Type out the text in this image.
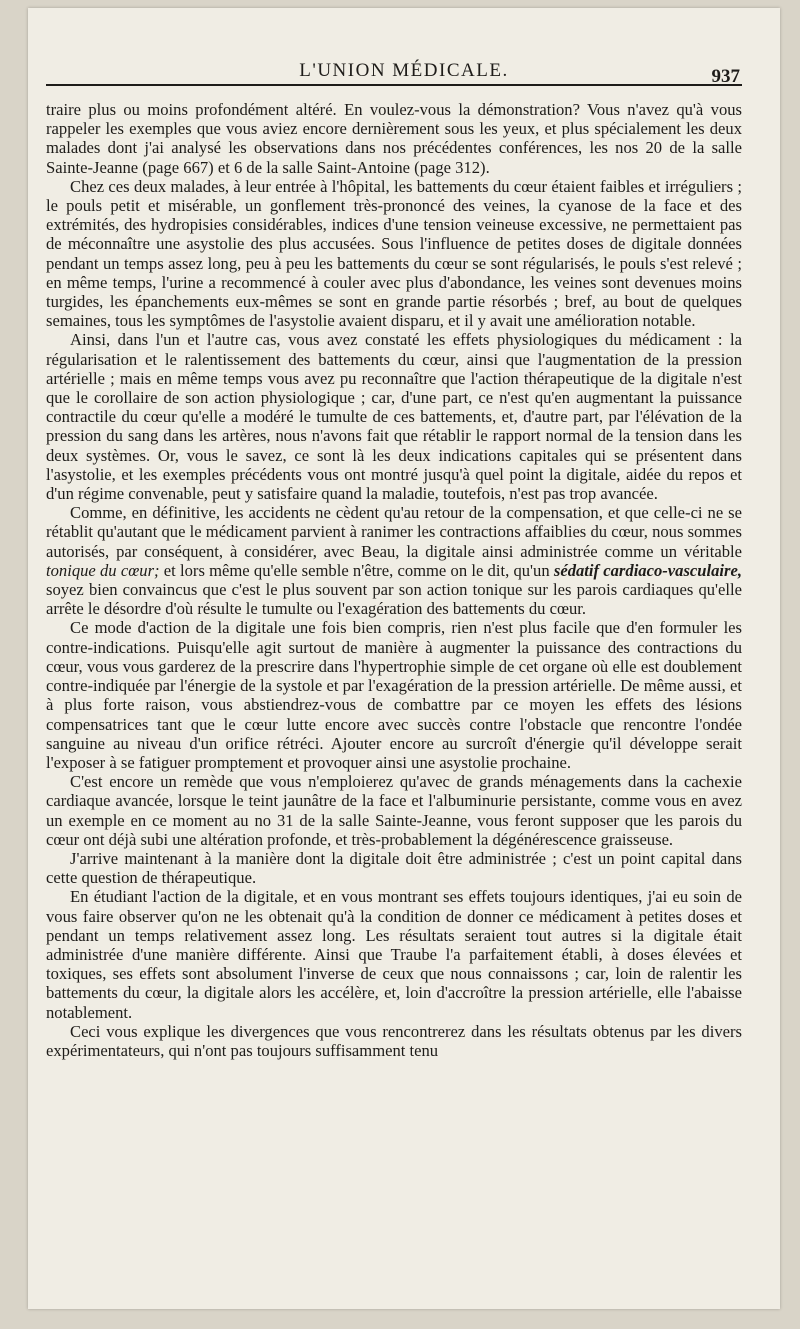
L'UNION MÉDICALE.	937

traire plus ou moins profondément altéré. En voulez-vous la démonstration? Vous n'avez qu'à vous rappeler les exemples que vous aviez encore dernièrement sous les yeux, et plus spécialement les deux malades dont j'ai analysé les observations dans nos précédentes conférences, les nos 20 de la salle Sainte-Jeanne (page 667) et 6 de la salle Saint-Antoine (page 312).

Chez ces deux malades, à leur entrée à l'hôpital, les battements du cœur étaient faibles et irréguliers ; le pouls petit et misérable, un gonflement très-prononcé des veines, la cyanose de la face et des extrémités, des hydropisies considérables, indices d'une tension veineuse excessive, ne permettaient pas de méconnaître une asystolie des plus accusées. Sous l'influence de petites doses de digitale données pendant un temps assez long, peu à peu les battements du cœur se sont régularisés, le pouls s'est relevé ; en même temps, l'urine a recommencé à couler avec plus d'abondance, les veines sont devenues moins turgides, les épanchements eux-mêmes se sont en grande partie résorbés ; bref, au bout de quelques semaines, tous les symptômes de l'asystolie avaient disparu, et il y avait une amélioration notable.

Ainsi, dans l'un et l'autre cas, vous avez constaté les effets physiologiques du médicament : la régularisation et le ralentissement des battements du cœur, ainsi que l'augmentation de la pression artérielle ; mais en même temps vous avez pu reconnaître que l'action thérapeutique de la digitale n'est que le corollaire de son action physiologique ; car, d'une part, ce n'est qu'en augmentant la puissance contractile du cœur qu'elle a modéré le tumulte de ces battements, et, d'autre part, par l'élévation de la pression du sang dans les artères, nous n'avons fait que rétablir le rapport normal de la tension dans les deux systèmes. Or, vous le savez, ce sont là les deux indications capitales qui se présentent dans l'asystolie, et les exemples précédents vous ont montré jusqu'à quel point la digitale, aidée du repos et d'un régime convenable, peut y satisfaire quand la maladie, toutefois, n'est pas trop avancée.

Comme, en définitive, les accidents ne cèdent qu'au retour de la compensation, et que celle-ci ne se rétablit qu'autant que le médicament parvient à ranimer les contractions affaiblies du cœur, nous sommes autorisés, par conséquent, à considérer, avec Beau, la digitale ainsi administrée comme un véritable tonique du cœur; et lors même qu'elle semble n'être, comme on le dit, qu'un sédatif cardiaco-vasculaire, soyez bien convaincus que c'est le plus souvent par son action tonique sur les parois cardiaques qu'elle arrête le désordre d'où résulte le tumulte ou l'exagération des battements du cœur.

Ce mode d'action de la digitale une fois bien compris, rien n'est plus facile que d'en formuler les contre-indications. Puisqu'elle agit surtout de manière à augmenter la puissance des contractions du cœur, vous vous garderez de la prescrire dans l'hypertrophie simple de cet organe où elle est doublement contre-indiquée par l'énergie de la systole et par l'exagération de la pression artérielle. De même aussi, et à plus forte raison, vous abstiendrez-vous de combattre par ce moyen les effets des lésions compensatrices tant que le cœur lutte encore avec succès contre l'obstacle que rencontre l'ondée sanguine au niveau d'un orifice rétréci. Ajouter encore au surcroît d'énergie qu'il développe serait l'exposer à se fatiguer promptement et provoquer ainsi une asystolie prochaine.

C'est encore un remède que vous n'emploierez qu'avec de grands ménagements dans la cachexie cardiaque avancée, lorsque le teint jaunâtre de la face et l'albuminurie persistante, comme vous en avez un exemple en ce moment au no 31 de la salle Sainte-Jeanne, vous feront supposer que les parois du cœur ont déjà subi une altération profonde, et très-probablement la dégénérescence graisseuse.

J'arrive maintenant à la manière dont la digitale doit être administrée ; c'est un point capital dans cette question de thérapeutique.

En étudiant l'action de la digitale, et en vous montrant ses effets toujours identiques, j'ai eu soin de vous faire observer qu'on ne les obtenait qu'à la condition de donner ce médicament à petites doses et pendant un temps relativement assez long. Les résultats seraient tout autres si la digitale était administrée d'une manière différente. Ainsi que Traube l'a parfaitement établi, à doses élevées et toxiques, ses effets sont absolument l'inverse de ceux que nous connaissons ; car, loin de ralentir les battements du cœur, la digitale alors les accélère, et, loin d'accroître la pression artérielle, elle l'abaisse notablement.

Ceci vous explique les divergences que vous rencontrerez dans les résultats obtenus par les divers expérimentateurs, qui n'ont pas toujours suffisamment tenu
